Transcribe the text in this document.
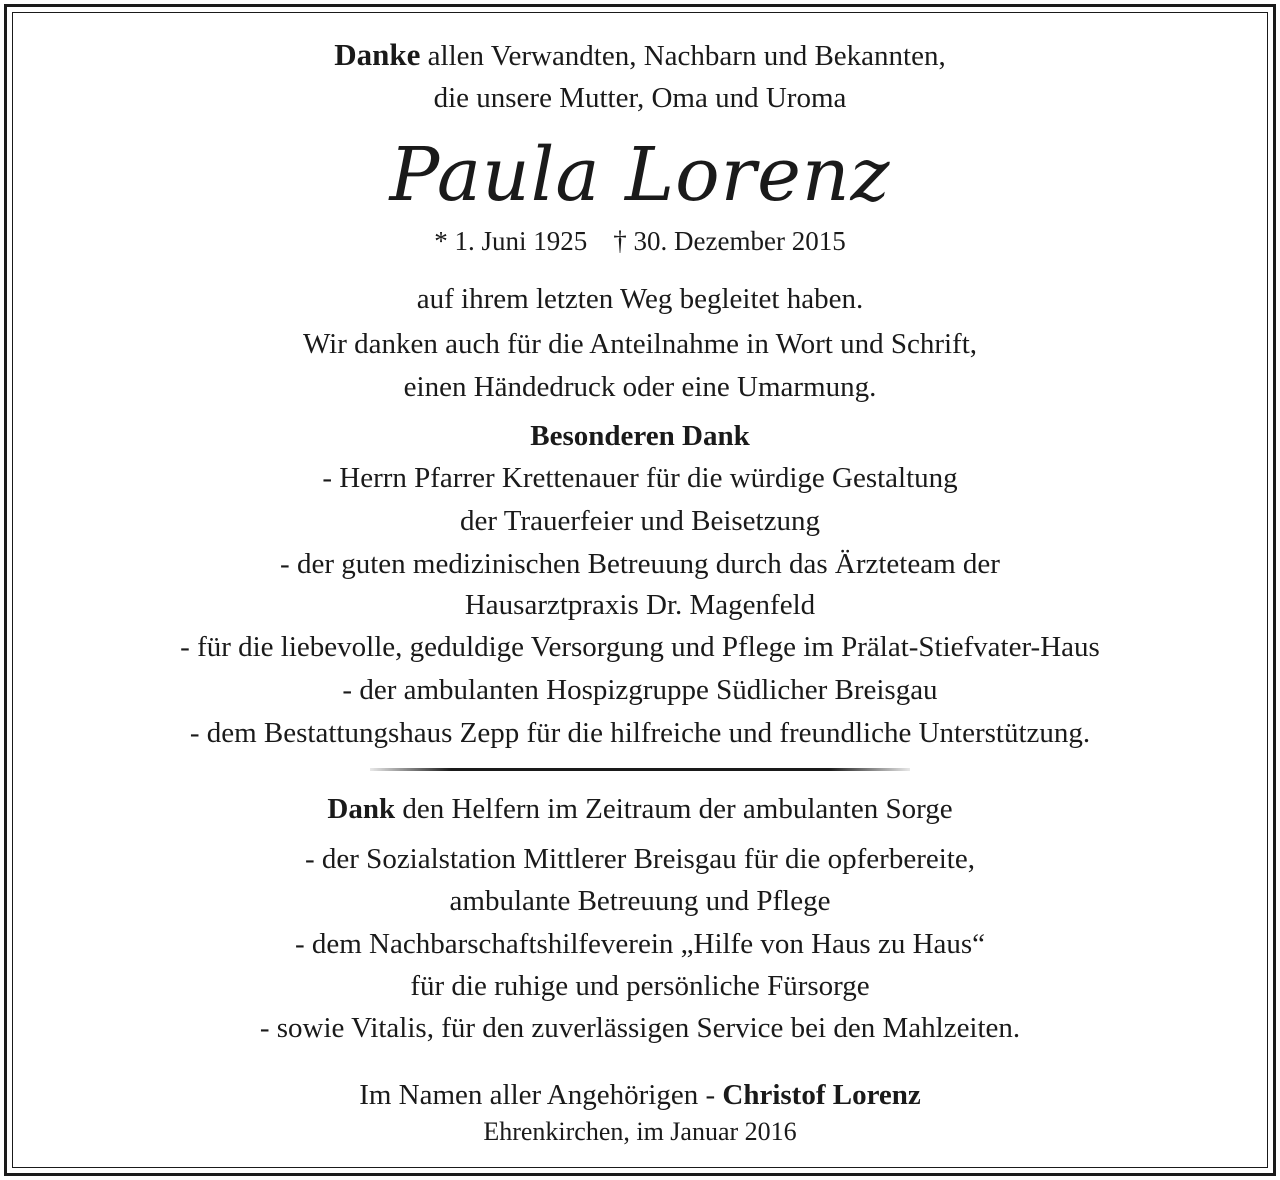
Danke allen Verwandten, Nachbarn und Bekannten,
die unsere Mutter, Oma und Uroma
Paula Lorenz
* 1. Juni 1925 † 30. Dezember 2015
auf ihrem letzten Weg begleitet haben.
Wir danken auch für die Anteilnahme in Wort und Schrift,
einen Händedruck oder eine Umarmung.
Besonderen Dank
- Herrn Pfarrer Krettenauer für die würdige Gestaltung
der Trauerfeier und Beisetzung
- der guten medizinischen Betreuung durch das Ärzteteam der
Hausarztpraxis Dr. Magenfeld
- für die liebevolle, geduldige Versorgung und Pflege im Prälat-Stiefvater-Haus
- der ambulanten Hospizgruppe Südlicher Breisgau
- dem Bestattungshaus Zepp für die hilfreiche und freundliche Unterstützung.
Dank den Helfern im Zeitraum der ambulanten Sorge
- der Sozialstation Mittlerer Breisgau für die opferbereite,
ambulante Betreuung und Pflege
- dem Nachbarschaftshilfeverein „Hilfe von Haus zu Haus“
für die ruhige und persönliche Fürsorge
- sowie Vitalis, für den zuverlässigen Service bei den Mahlzeiten.
Im Namen aller Angehörigen - Christof Lorenz
Ehrenkirchen, im Januar 2016
